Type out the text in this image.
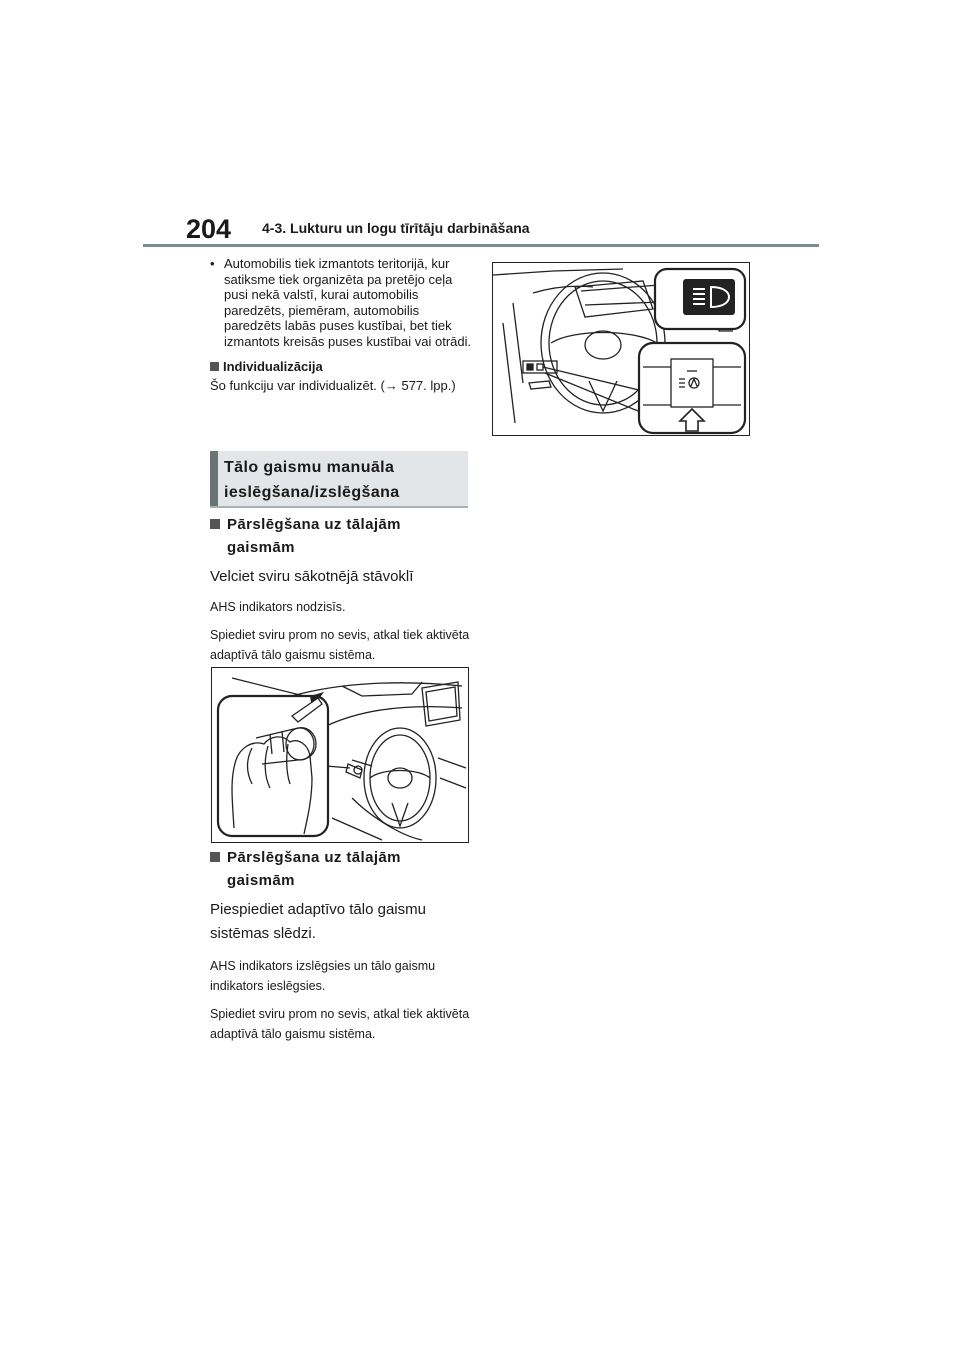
204 4-3. Lukturu un logu tīrītāju darbināšana
• Automobilis tiek izmantots teritorijā, kur satiksme tiek organizēta pa pretējo ceļa pusi nekā valstī, kurai automobilis paredzēts, piemēram, automobilis paredzēts labās puses kustībai, bet tiek izmantots kreisās puses kustībai vai otrādi.
Individualizācija
Šo funkciju var individualizēt. (→ 577. lpp.)
Tālo gaismu manuāla
ieslēgšana/izslēgšana
Pārslēgšana uz tālajām
gaismām
Velciet sviru sākotnējā stāvoklī
AHS indikators nodzisīs.
Spiediet sviru prom no sevis, atkal tiek aktivēta adaptīvā tālo gaismu sistēma.
Pārslēgšana uz tālajām
gaismām
Piespiediet adaptīvo tālo gaismu sistēmas slēdzi.
AHS indikators izslēgsies un tālo gaismu indikators ieslēgsies.
Spiediet sviru prom no sevis, atkal tiek aktivēta adaptīvā tālo gaismu sistēma.
